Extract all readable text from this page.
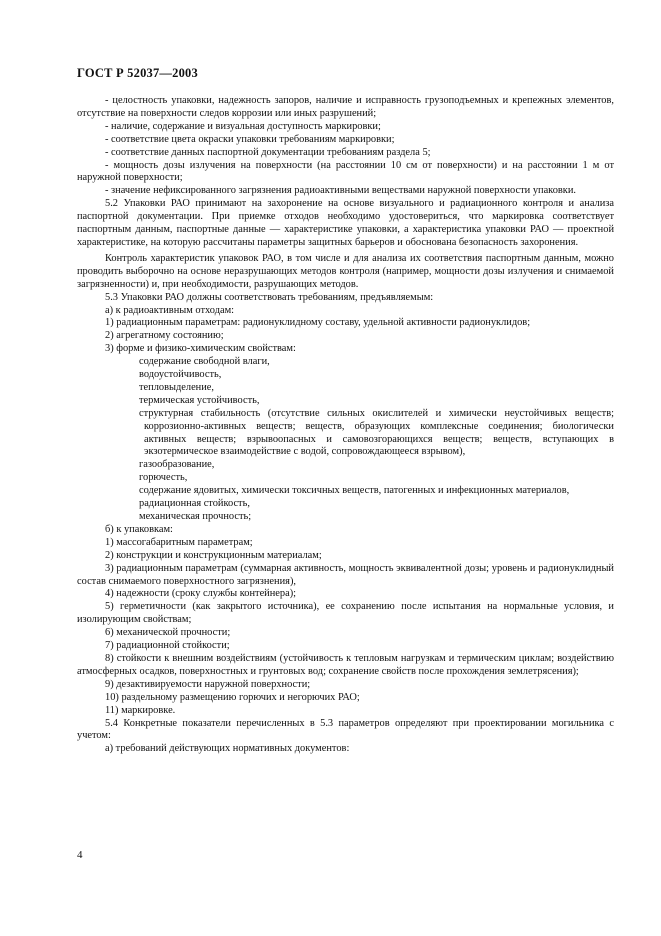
ГОСТ Р 52037—2003

- целостность упаковки, надежность запоров, наличие и исправность грузоподъемных и крепежных элементов, отсутствие на поверхности следов коррозии или иных разрушений;

- наличие, содержание и визуальная доступность маркировки;

- соответствие цвета окраски упаковки требованиям маркировки;

- соответствие данных паспортной документации требованиям раздела 5;

- мощность дозы излучения на поверхности (на расстоянии 10 см от поверхности) и на расстоянии 1 м от наружной поверхности;

- значение нефиксированного загрязнения радиоактивными веществами наружной поверхности упаковки.

5.2 Упаковки РАО принимают на захоронение на основе визуального и радиационного контроля и анализа паспортной документации. При приемке отходов необходимо удостовериться, что маркировка соответствует паспортным данным, паспортные данные — характеристике упаковки, а характеристика упаковки РАО — проектной характеристике, на которую рассчитаны параметры защитных барьеров и обоснована безопасность захоронения.

Контроль характеристик упаковок РАО, в том числе и для анализа их соответствия паспортным данным, можно проводить выборочно на основе неразрушающих методов контроля (например, мощности дозы излучения и снимаемой загрязненности) и, при необходимости, разрушающих методов.

5.3 Упаковки РАО должны соответствовать требованиям, предъявляемым:

а) к радиоактивным отходам:

1) радиационным параметрам: радионуклидному составу, удельной активности радионуклидов;

2) агрегатному состоянию;

3) форме и физико-химическим свойствам:

содержание свободной влаги,

водоустойчивость,

тепловыделение,

термическая устойчивость,

структурная стабильность (отсутствие сильных окислителей и химически неустойчивых веществ; коррозионно-активных веществ; веществ, образующих комплексные соединения; биологически активных веществ; взрывоопасных и самовозгорающихся веществ; веществ, вступающих в экзотермическое взаимодействие с водой, сопровождающееся взрывом),

газообразование,

горючесть,

содержание ядовитых, химически токсичных веществ, патогенных и инфекционных материалов,

радиационная стойкость,

механическая прочность;

б) к упаковкам:

1) массогабаритным параметрам;

2) конструкции и конструкционным материалам;

3) радиационным параметрам (суммарная активность, мощность эквивалентной дозы; уровень и радионуклидный состав снимаемого поверхностного загрязнения),

4) надежности (сроку службы контейнера);

5) герметичности (как закрытого источника), ее сохранению после испытания на нормальные условия, и изолирующим свойствам;

6) механической прочности;

7) радиационной стойкости;

8) стойкости к внешним воздействиям (устойчивость к тепловым нагрузкам и термическим циклам; воздействию атмосферных осадков, поверхностных и грунтовых вод; сохранение свойств после прохождения землетрясения);

9) дезактивируемости наружной поверхности;

10) раздельному размещению горючих и негорючих РАО;

11) маркировке.

5.4 Конкретные показатели перечисленных в 5.3 параметров определяют при проектировании могильника с учетом:

а) требований действующих нормативных документов:

4
